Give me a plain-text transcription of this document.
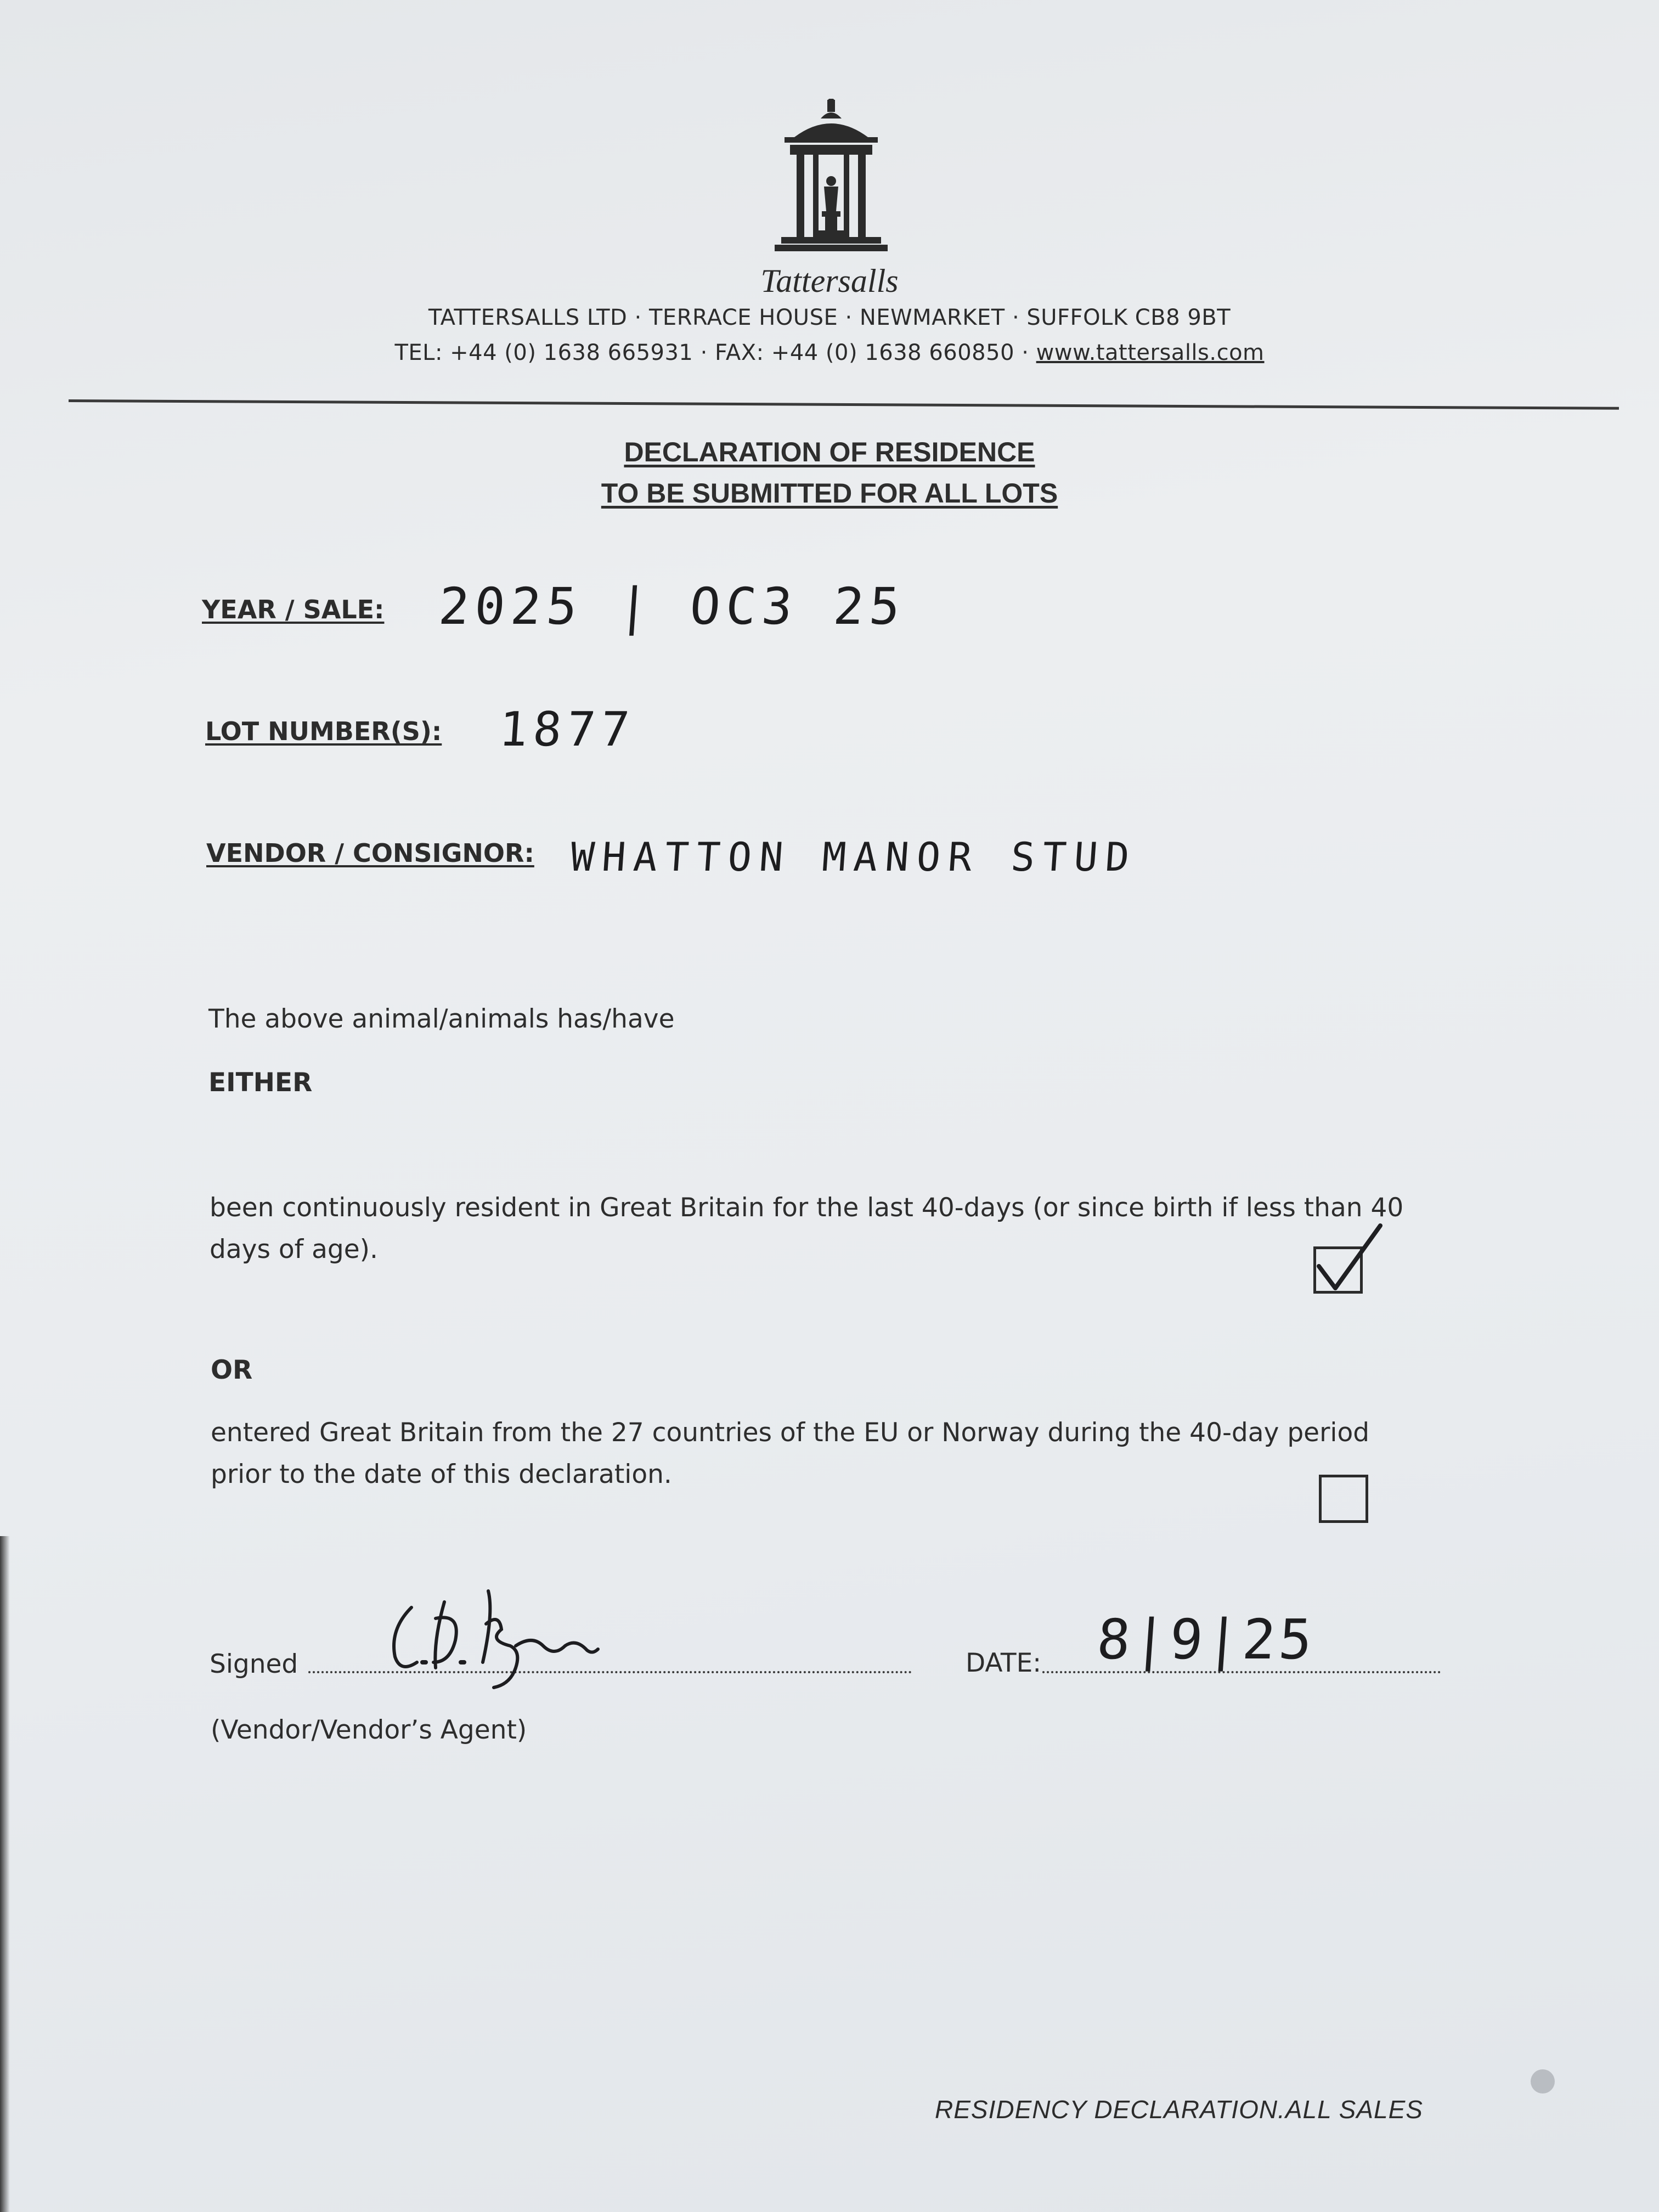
Tattersalls
TATTERSALLS LTD · TERRACE HOUSE · NEWMARKET · SUFFOLK CB8 9BT
TEL: +44 (0) 1638 665931 · FAX: +44 (0) 1638 660850 · www.tattersalls.com
DECLARATION OF RESIDENCE
TO BE SUBMITTED FOR ALL LOTS
YEAR / SALE: 2025 | OC3 25
LOT NUMBER(S): 1877
VENDOR / CONSIGNOR: WHATTON MANOR STUD
The above animal/animals has/have
EITHER
been continuously resident in Great Britain for the last 40-days (or since birth if less than 40
days of age).
OR
entered Great Britain from the 27 countries of the EU or Norway during the 40-day period
prior to the date of this declaration.
Signed
(Vendor/Vendor’s Agent)
DATE: 8|9|25
RESIDENCY DECLARATION.ALL SALES
